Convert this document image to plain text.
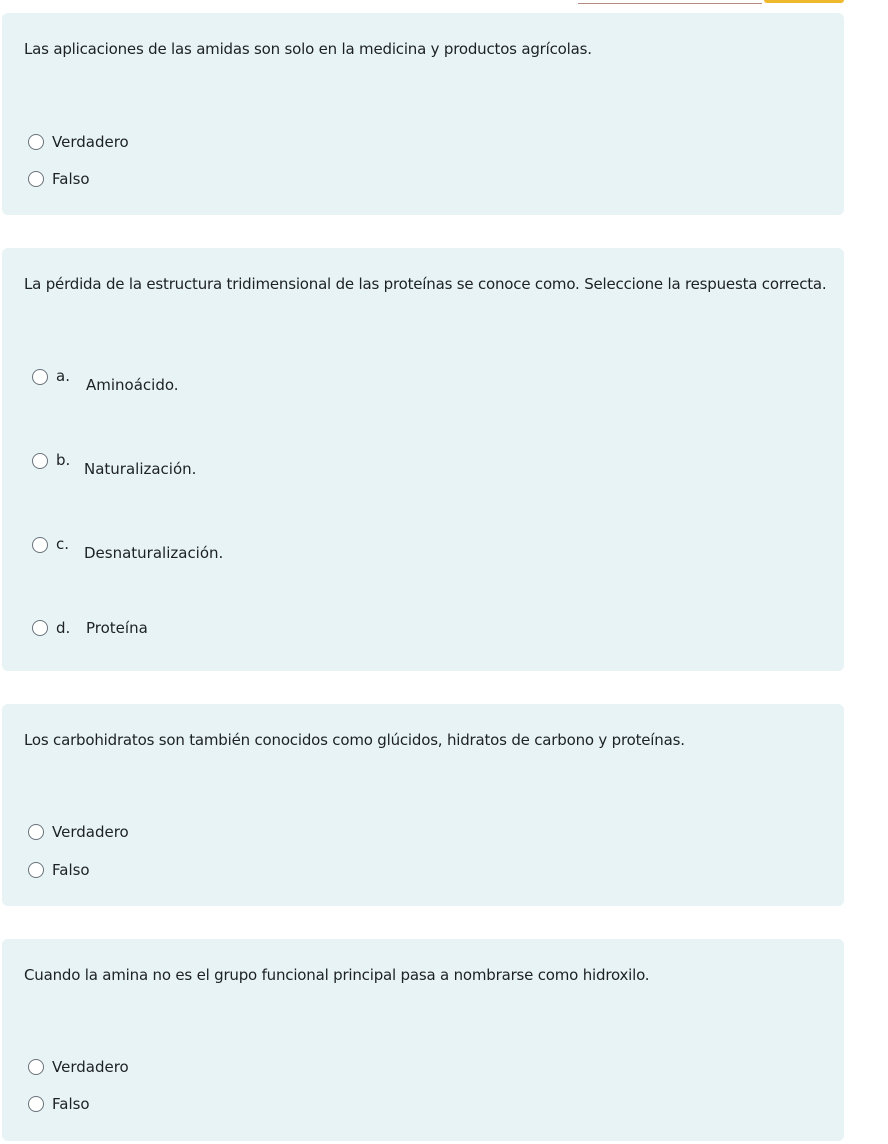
Las aplicaciones de las amidas son solo en la medicina y productos agrícolas.
Verdadero
Falso
La pérdida de la estructura tridimensional de las proteínas se conoce como. Seleccione la respuesta correcta.
a.	Aminoácido.
b. Naturalización.
c. Desnaturalización.
d.	Proteína
Los carbohidratos son también conocidos como glúcidos, hidratos de carbono y proteínas.
Verdadero
Falso
Cuando la amina no es el grupo funcional principal pasa a nombrarse como hidroxilo.
Verdadero
Falso
